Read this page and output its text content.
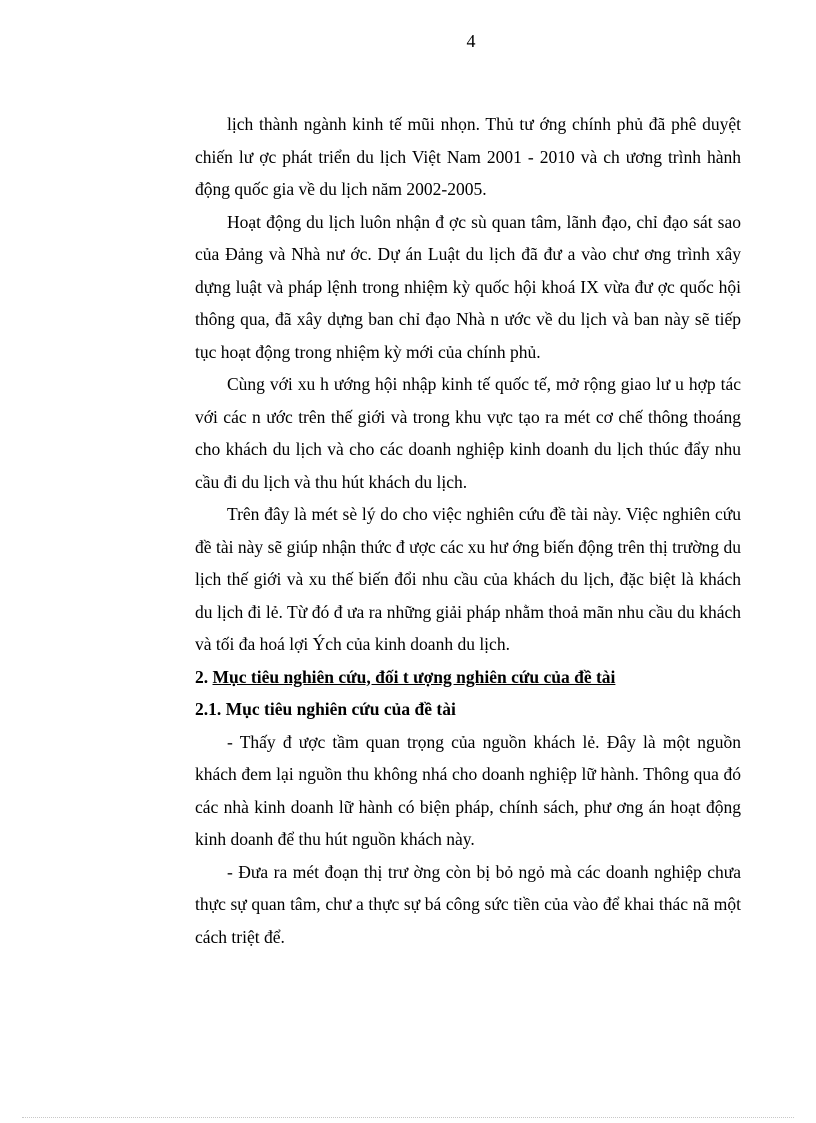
4

lịch thành ngành kinh tế mũi nhọn. Thủ tư ớng chính phủ đã phê duyệt chiến lư ợc phát triển du lịch Việt Nam 2001 - 2010 và ch ương trình hành động quốc gia về du lịch năm 2002-2005.

Hoạt động du lịch luôn nhận đ ợc sù quan tâm, lãnh đạo, chỉ đạo sát sao của Đảng và Nhà nư ớc. Dự án Luật du lịch đã đư a vào chư ơng trình xây dựng luật và pháp lệnh trong nhiệm kỳ quốc hội khoá IX vừa đư ợc quốc hội thông qua, đã xây dựng ban chỉ đạo Nhà n ước về du lịch và ban này sẽ tiếp tục hoạt động trong nhiệm kỳ mới của chính phủ.

Cùng với xu h ướng hội nhập kinh tế quốc tế, mở rộng giao lư u hợp tác với các n ước trên thế giới và trong khu vực tạo ra mét cơ chế thông thoáng cho khách du lịch và cho các doanh nghiệp kinh doanh du lịch thúc đẩy nhu cầu đi du lịch và thu hút khách du lịch.

Trên đây là mét sè lý do cho việc nghiên cứu đề tài này. Việc nghiên cứu đề tài này sẽ giúp nhận thức đ ược các xu hư ớng biến động trên thị trường du lịch thế giới và xu thế biến đổi nhu cầu của khách du lịch, đặc biệt là khách du lịch đi lẻ. Từ đó đ ưa ra những giải pháp nhằm thoả mãn nhu cầu du khách và tối đa hoá lợi Ých của kinh doanh du lịch.

2. Mục tiêu nghiên cứu, đối t ượng nghiên cứu của đề tài
2.1. Mục tiêu nghiên cứu của đề tài

- Thấy đ ược tầm quan trọng của nguồn khách lẻ. Đây là một nguồn khách đem lại nguồn thu không nhá cho doanh nghiệp lữ hành. Thông qua đó các nhà kinh doanh lữ hành có biện pháp, chính sách, phư ơng án hoạt động kinh doanh để thu hút nguồn khách này.

- Đưa ra mét đoạn thị trư ờng còn bị bỏ ngỏ mà các doanh nghiệp chưa thực sự quan tâm, chư a thực sự bá công sức tiền của vào để khai thác nã một cách triệt để.
